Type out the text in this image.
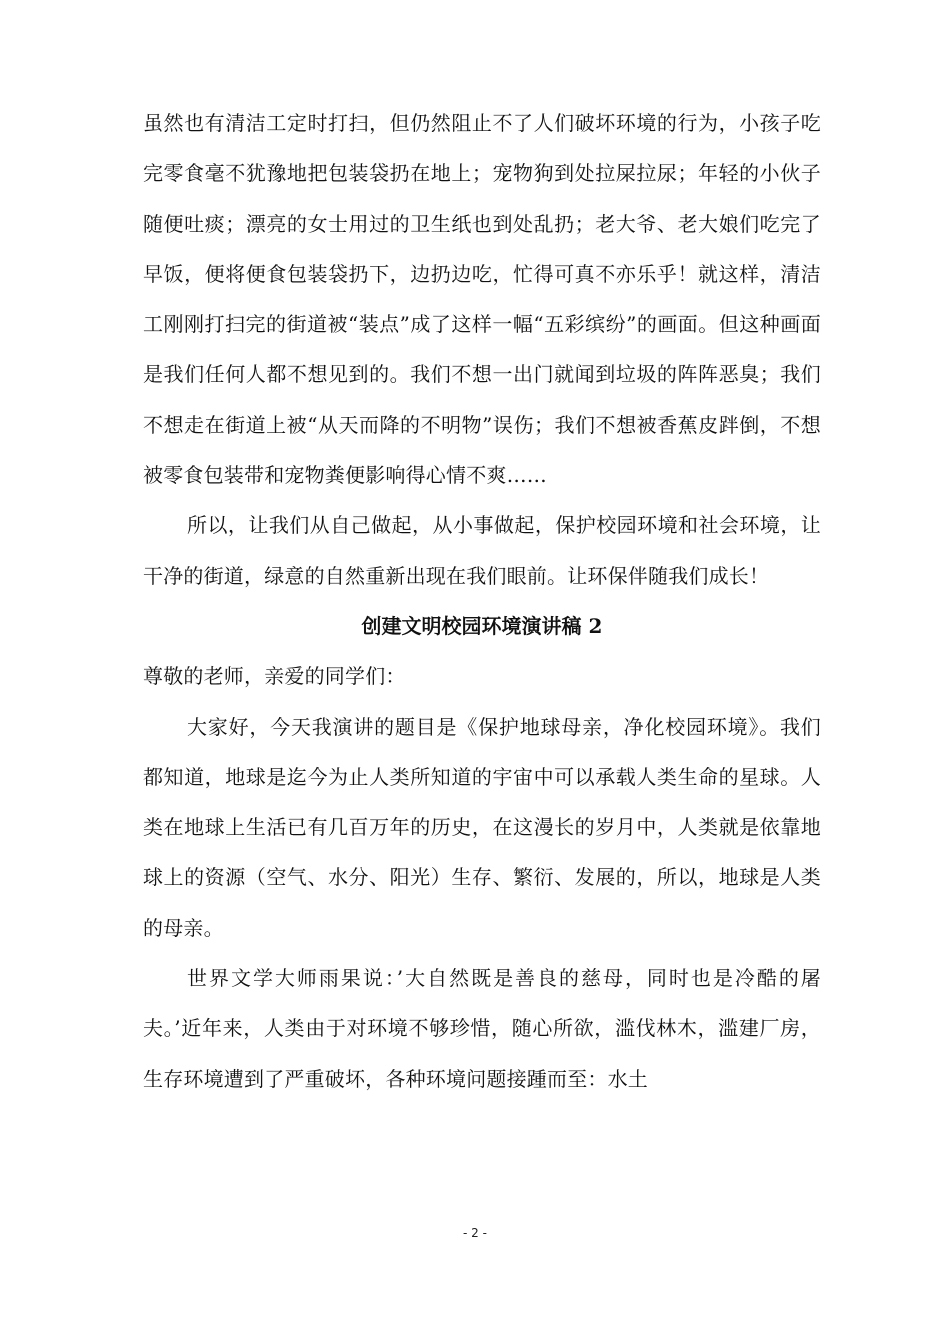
虽然也有清洁工定时打扫，但仍然阻止不了人们破坏环境的行为，小孩子吃完零食毫不犹豫地把包装袋扔在地上；宠物狗到处拉屎拉尿；年轻的小伙子随便吐痰；漂亮的女士用过的卫生纸也到处乱扔；老大爷、老大娘们吃完了早饭，便将便食包装袋扔下，边扔边吃，忙得可真不亦乐乎！就这样，清洁工刚刚打扫完的街道被“装点”成了这样一幅“五彩缤纷”的画面。但这种画面是我们任何人都不想见到的。我们不想一出门就闻到垃圾的阵阵恶臭；我们不想走在街道上被“从天而降的不明物”误伤；我们不想被香蕉皮跘倒，不想被零食包装带和宠物粪便影响得心情不爽……

所以，让我们从自己做起，从小事做起，保护校园环境和社会环境，让干净的街道，绿意的自然重新出现在我们眼前。让环保伴随我们成长！

创建文明校园环境演讲稿 2

尊敬的老师，亲爱的同学们：

大家好，今天我演讲的题目是《保护地球母亲，净化校园环境》。我们都知道，地球是迄今为止人类所知道的宇宙中可以承载人类生命的星球。人类在地球上生活已有几百万年的历史，在这漫长的岁月中，人类就是依靠地球上的资源（空气、水分、阳光）生存、繁衍、发展的，所以，地球是人类的母亲。

世界文学大师雨果说：’大自然既是善良的慈母，同时也是冷酷的屠夫。’近年来，人类由于对环境不够珍惜，随心所欲，滥伐林木，滥建厂房，生存环境遭到了严重破坏，各种环境问题接踵而至：水土

- 2 -
